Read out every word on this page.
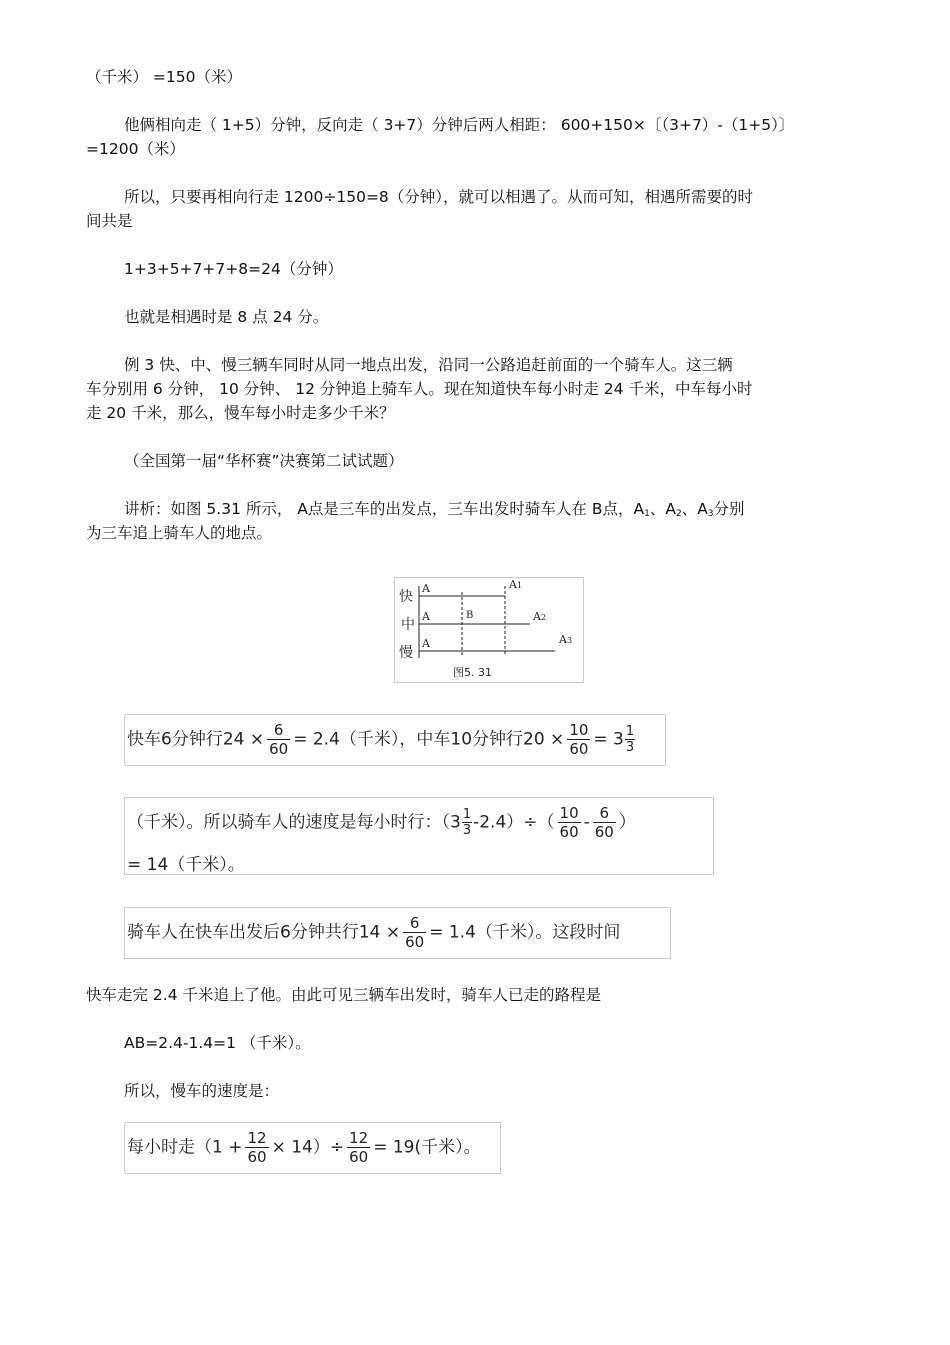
（千米） =150（米）
他俩相向走（ 1+5）分钟，反向走（ 3+7）分钟后两人相距： 600+150×〔（3+7）-（1+5）〕
=1200（米）
所以，只要再相向行走 1200÷150=8（分钟），就可以相遇了。从而可知，相遇所需要的时
间共是
1+3+5+7+7+8=24（分钟）
也就是相遇时是 8 点 24 分。
例 3 快、中、慢三辆车同时从同一地点出发，沿同一公路追赶前面的一个骑车人。这三辆
车分别用 6 分钟， 10 分钟、 12 分钟追上骑车人。现在知道快车每小时走 24 千米，中车每小时
走 20 千米，那么，慢车每小时走多少千米？
（全国第一届“华杯赛”决赛第二试试题）
讲析：如图 5.31 所示， A点是三车的出发点，三车出发时骑车人在 B点，$A_1$、$A_2$、$A_3$分别
为三车追上骑车人的地点。
快
中
慢
A
A
A
B
A1
A2
A3
图5. 31
快车6分钟行$24 \times \frac{6}{60} = 2.4$（千米），中车10分钟行$20 \times \frac{10}{60} = 3 \frac{1}{3}$
（千米）。所以骑车人的速度是每小时行：$(3 \frac{1}{3} -2.4)\div( \frac{10}{60} - \frac{6}{60}$ ）
= 14（千米）。
骑车人在快车出发后6分钟共行$14 \times \frac{6}{60} = 1.4$（千米）。这段时间
快车走完 2.4 千米追上了他。由此可见三辆车出发时，骑车人已走的路程是
AB=2.4-1.4=1 （千米）。
所以，慢车的速度是：
每小时走$(1 + \frac{12}{60} \times 14)\div \frac{12}{60} = 19$(千米）。
